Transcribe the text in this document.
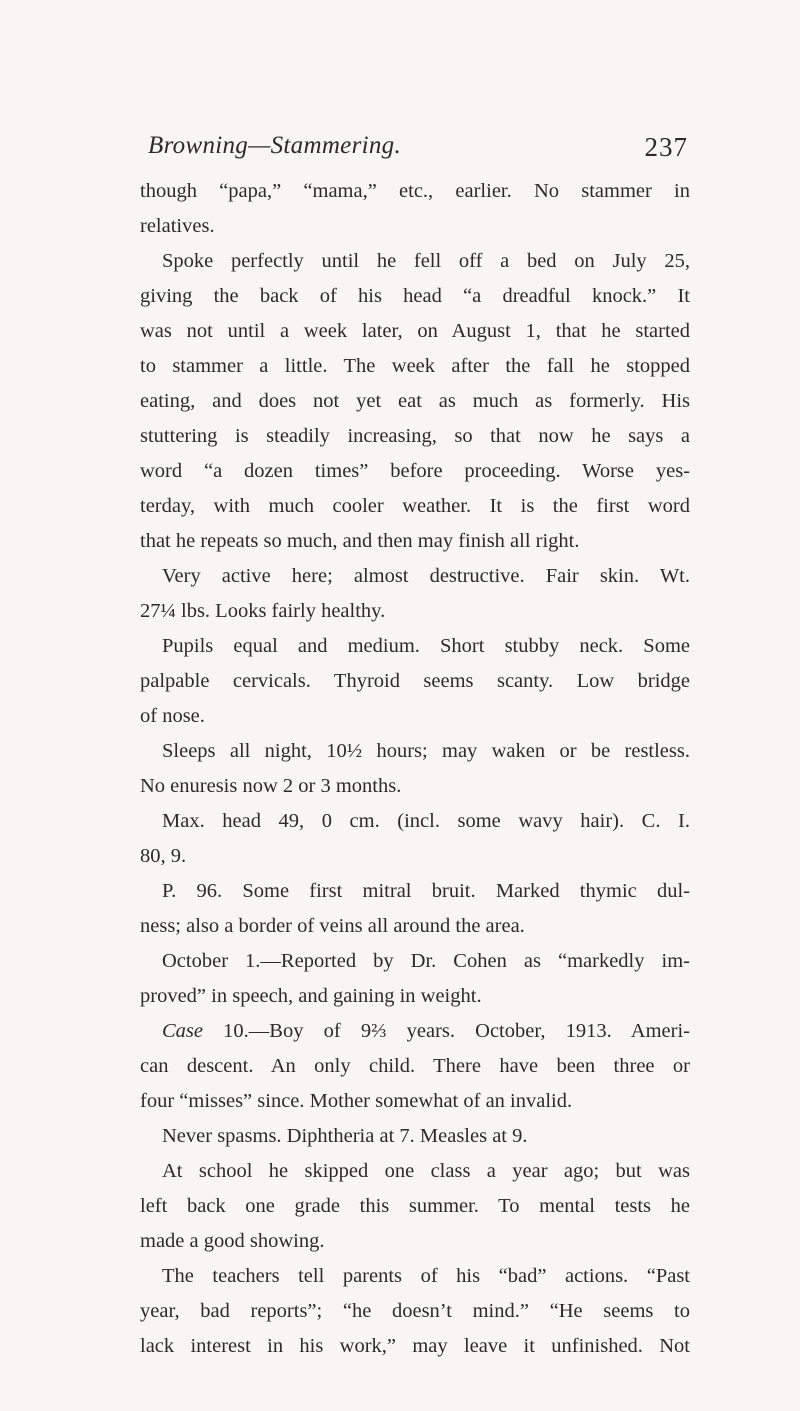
Browning—Stammering.	237
though “papa,” “mama,” etc., earlier. No stammer in
relatives.
Spoke perfectly until he fell off a bed on July 25,
giving the back of his head “a dreadful knock.” It
was not until a week later, on August 1, that he started
to stammer a little. The week after the fall he stopped
eating, and does not yet eat as much as formerly. His
stuttering is steadily increasing, so that now he says a
word “a dozen times” before proceeding. Worse yes-
terday, with much cooler weather. It is the first word
that he repeats so much, and then may finish all right.
Very active here; almost destructive. Fair skin. Wt.
27¼ lbs. Looks fairly healthy.
Pupils equal and medium. Short stubby neck. Some
palpable cervicals. Thyroid seems scanty. Low bridge
of nose.
Sleeps all night, 10½ hours; may waken or be restless.
No enuresis now 2 or 3 months.
Max. head 49, 0 cm. (incl. some wavy hair). C. I.
80, 9.
P. 96. Some first mitral bruit. Marked thymic dul-
ness; also a border of veins all around the area.
October 1.—Reported by Dr. Cohen as “markedly im-
proved” in speech, and gaining in weight.
Case 10.—Boy of 9⅔ years. October, 1913. Ameri-
can descent. An only child. There have been three or
four “misses” since. Mother somewhat of an invalid.
Never spasms. Diphtheria at 7. Measles at 9.
At school he skipped one class a year ago; but was
left back one grade this summer. To mental tests he
made a good showing.
The teachers tell parents of his “bad” actions. “Past
year, bad reports”; “he doesn’t mind.” “He seems to
lack interest in his work,” may leave it unfinished. Not
